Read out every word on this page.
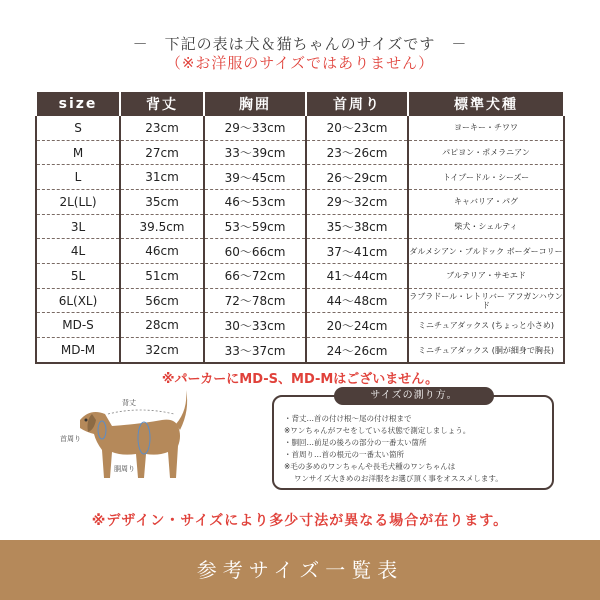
－　下記の表は犬＆猫ちゃんのサイズです　－
（※お洋服のサイズではありません）
size	背丈	胸囲	首周り	標準犬種
S	23cm	29～33cm	20～23cm	ヨーキー・チワワ
M	27cm	33～39cm	23～26cm	パピヨン・ポメラニアン
L	31cm	39～45cm	26～29cm	トイプードル・シーズー
2L(LL)	35cm	46～53cm	29～32cm	キャバリア・パグ
3L	39.5cm	53～59cm	35～38cm	柴犬・シェルティ
4L	46cm	60～66cm	37～41cm	ダルメシアン・ブルドック ボーダーコリー
5L	51cm	66～72cm	41～44cm	ブルテリア・サモエド
6L(XL)	56cm	72～78cm	44～48cm	ラブラドール・レトリバー アフガンハウンド
MD-S	28cm	30～33cm	20～24cm	ミニチュアダックス (ちょっと小さめ)
MD-M	32cm	33～37cm	24～26cm	ミニチュアダックス (胴が細身で胸長)
※パーカーにMD-S、MD-Mはございません。
背丈
首周り
胴周り
サイズの測り方。
・背丈…首の付け根～尾の付け根まで
※ワンちゃんがフセをしている状態で測定しましょう。
・胴回…前足の後ろの部分の一番太い箇所
・首周り…首の根元の一番太い箇所
※毛の多めのワンちゃんや長毛犬種のワンちゃんは
ワンサイズ大きめのお洋服をお選び頂く事をオススメします。
※デザイン・サイズにより多少寸法が異なる場合が在ります。
参考サイズ一覧表
